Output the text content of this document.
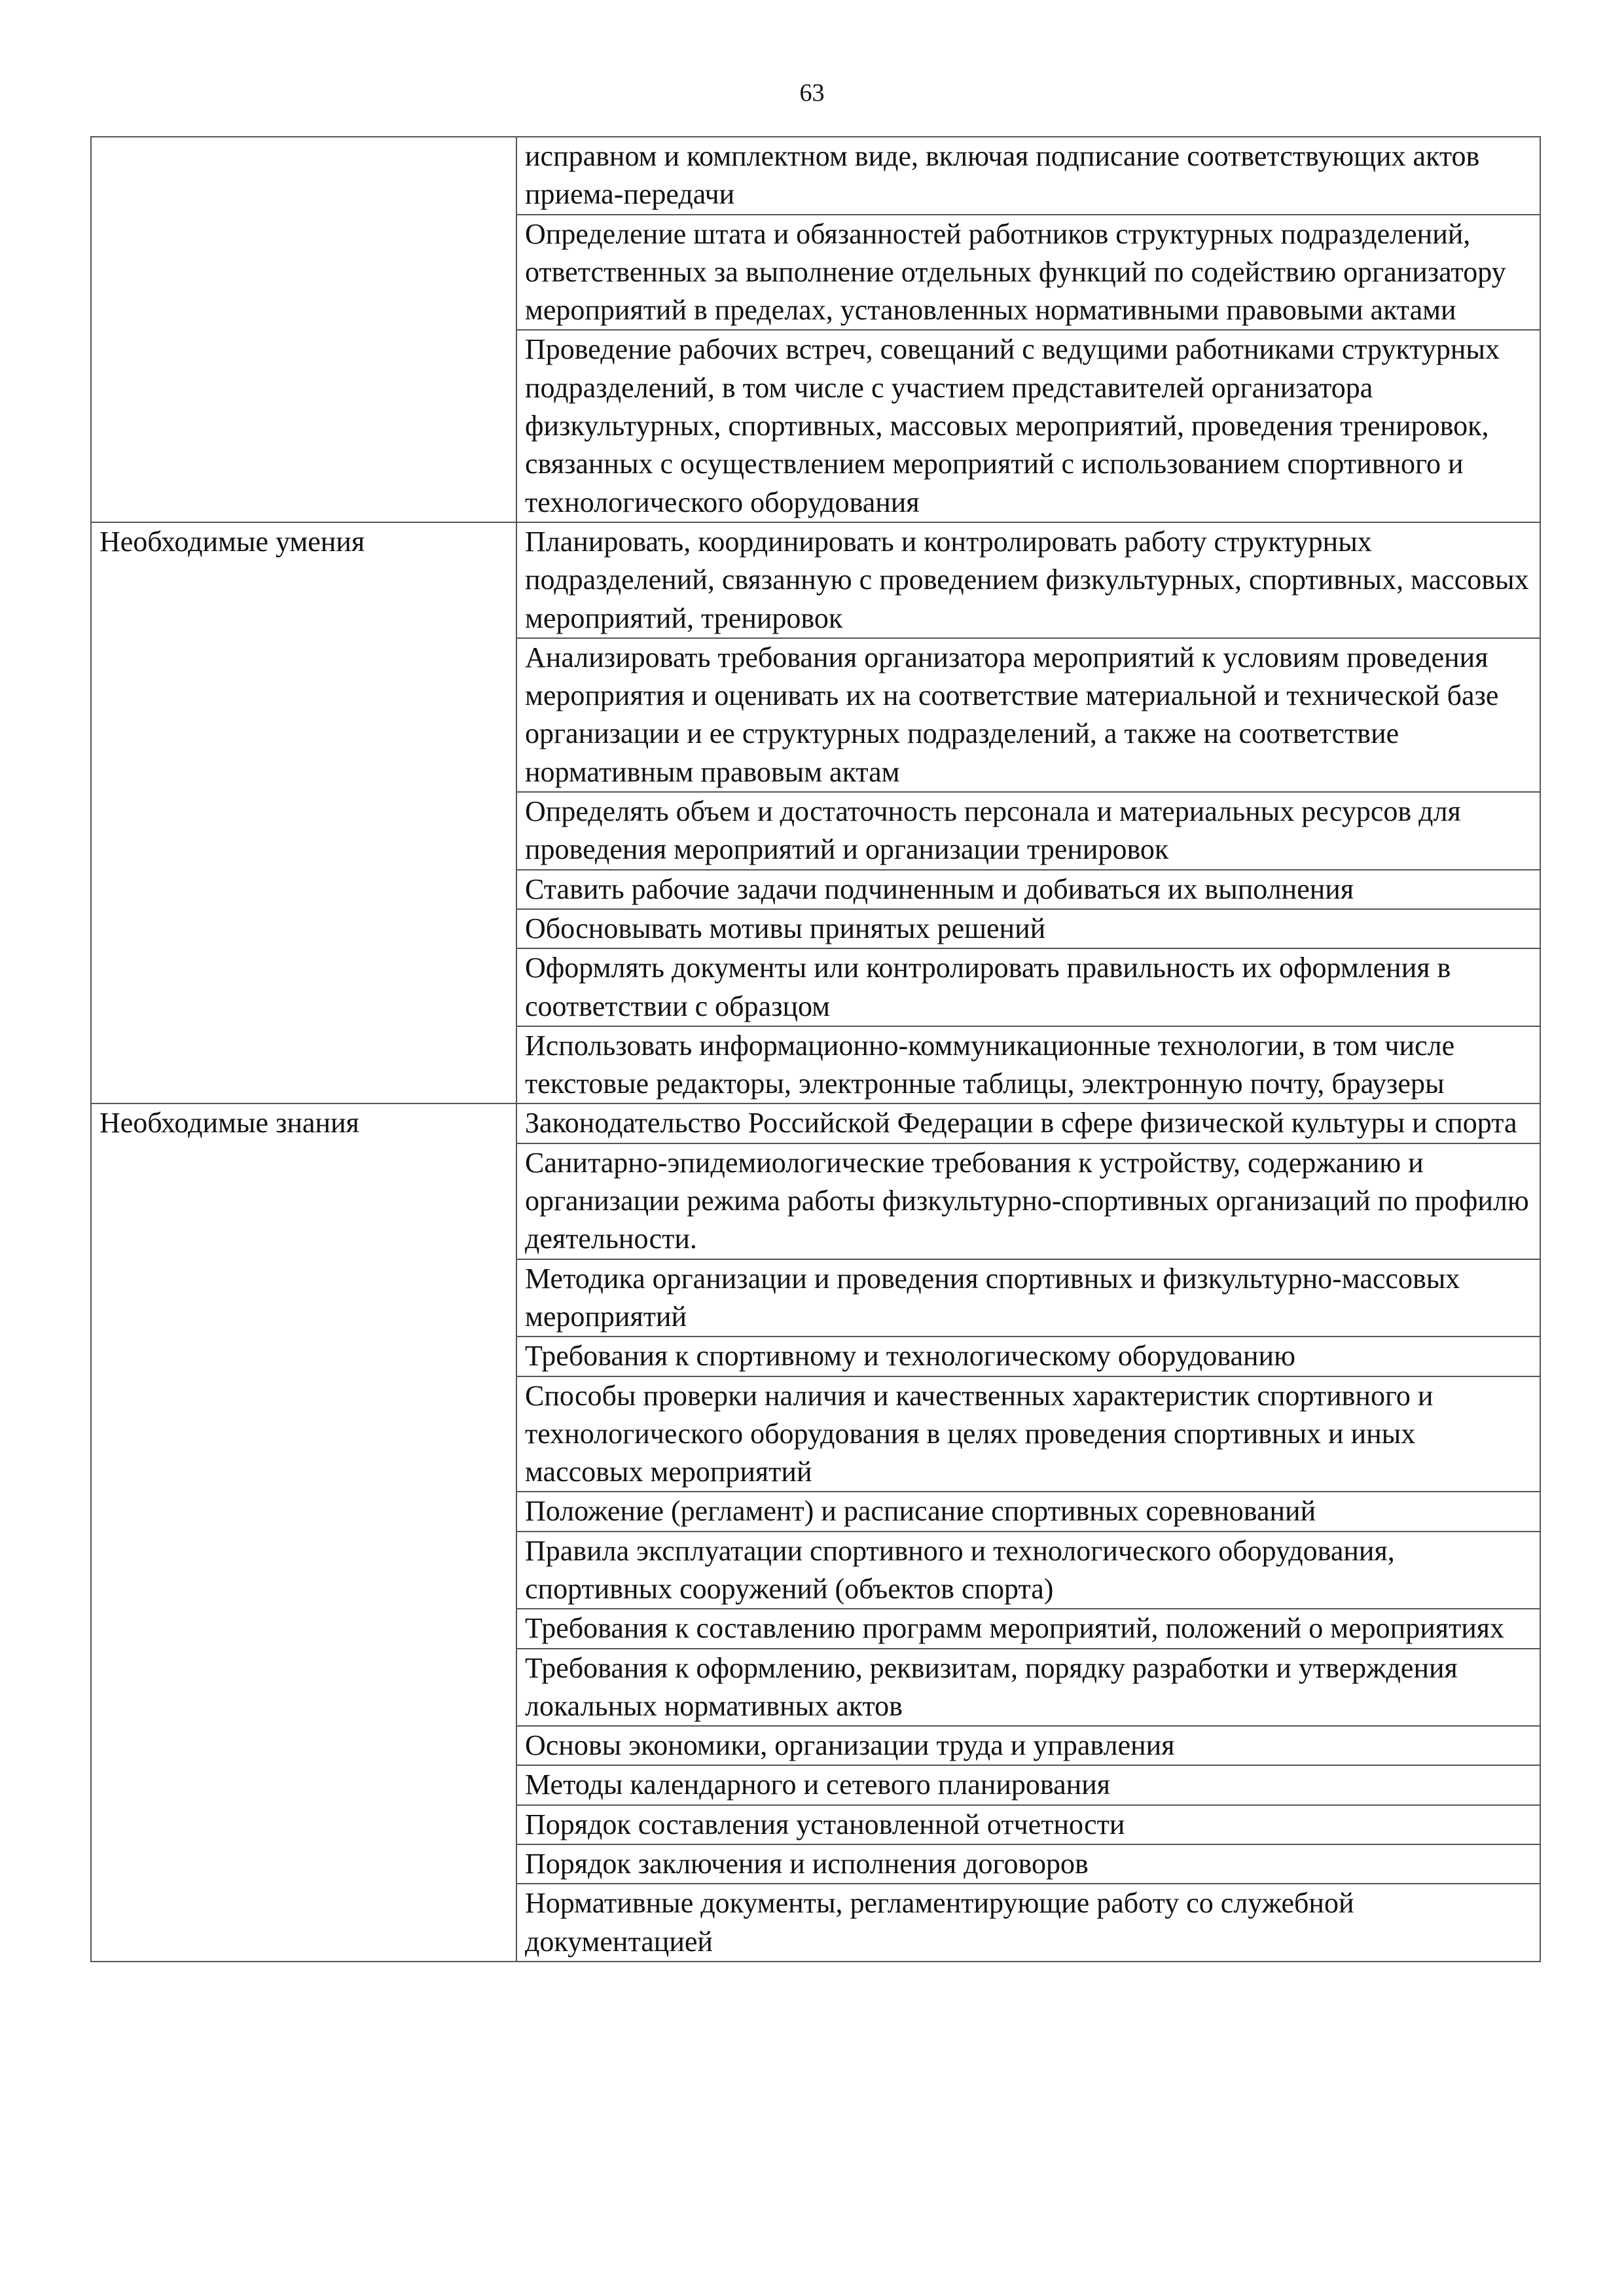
63

	исправном и комплектном виде, включая подписание соответствующих актов приема-передачи

	Определение штата и обязанностей работников структурных подразделений, ответственных за выполнение отдельных функций по содействию организатору мероприятий в пределах, установленных нормативными правовыми актами

	Проведение рабочих встреч, совещаний с ведущими работниками структурных подразделений, в том числе с участием представителей организатора физкультурных, спортивных, массовых мероприятий, проведения тренировок, связанных с осуществлением мероприятий с использованием спортивного и технологического оборудования

Необходимые умения	Планировать, координировать и контролировать работу структурных подразделений, связанную с проведением физкультурных, спортивных, массовых мероприятий, тренировок

	Анализировать требования организатора мероприятий к условиям проведения мероприятия и оценивать их на соответствие материальной и технической базе организации и ее структурных подразделений, а также на соответствие нормативным правовым актам

	Определять объем и достаточность персонала и материальных ресурсов для проведения мероприятий и организации тренировок

	Ставить рабочие задачи подчиненным и добиваться их выполнения

	Обосновывать мотивы принятых решений

	Оформлять документы или контролировать правильность их оформления в соответствии с образцом

	Использовать информационно-коммуникационные технологии, в том числе текстовые редакторы, электронные таблицы, электронную почту, браузеры

Необходимые знания	Законодательство Российской Федерации в сфере физической культуры и спорта

	Санитарно-эпидемиологические требования к устройству, содержанию и организации режима работы физкультурно-спортивных организаций по профилю деятельности.

	Методика организации и проведения спортивных и физкультурно-массовых мероприятий

	Требования к спортивному и технологическому оборудованию

	Способы проверки наличия и качественных характеристик спортивного и технологического оборудования в целях проведения спортивных и иных массовых мероприятий

	Положение (регламент) и расписание спортивных соревнований

	Правила эксплуатации спортивного и технологического оборудования, спортивных сооружений (объектов спорта)

	Требования к составлению программ мероприятий, положений о мероприятиях

	Требования к оформлению, реквизитам, порядку разработки и утверждения локальных нормативных актов

	Основы экономики, организации труда и управления

	Методы календарного и сетевого планирования

	Порядок составления установленной отчетности

	Порядок заключения и исполнения договоров

	Нормативные документы, регламентирующие работу со служебной документацией
